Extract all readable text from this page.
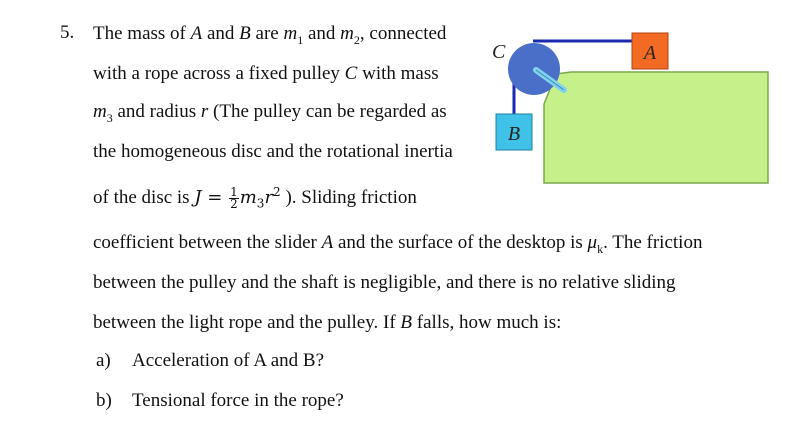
5. The mass of A and B are $m_1$ and $m_2$, connected
with a rope across a fixed pulley C with mass
$m_3$ and radius r (The pulley can be regarded as
the homogeneous disc and the rotational inertia
of the disc is $J = \frac{1}{2} m_3r^2$ ). Sliding friction
coefficient between the slider A and the surface of the desktop is $\mu_k$. The friction
between the pulley and the shaft is negligible, and there is no relative sliding
between the light rope and the pulley. If B falls, how much is:
a) Acceleration of A and B?
b) Tensional force in the rope?
A
B
C
